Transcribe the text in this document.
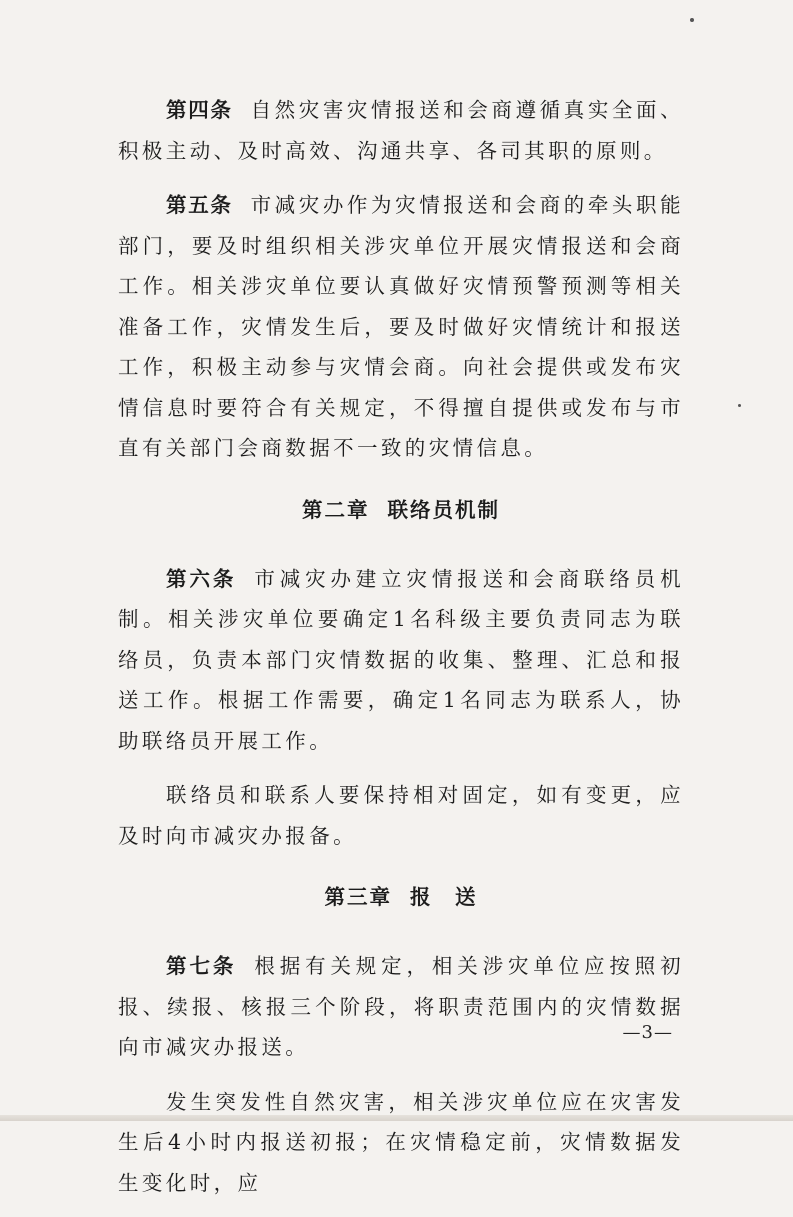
第四条 自然灾害灾情报送和会商遵循真实全面、积极主动、及时高效、沟通共享、各司其职的原则。

第五条 市减灾办作为灾情报送和会商的牵头职能部门，要及时组织相关涉灾单位开展灾情报送和会商工作。相关涉灾单位要认真做好灾情预警预测等相关准备工作，灾情发生后，要及时做好灾情统计和报送工作，积极主动参与灾情会商。向社会提供或发布灾情信息时要符合有关规定，不得擅自提供或发布与市直有关部门会商数据不一致的灾情信息。

第二章 联络员机制

第六条 市减灾办建立灾情报送和会商联络员机制。相关涉灾单位要确定1名科级主要负责同志为联络员，负责本部门灾情数据的收集、整理、汇总和报送工作。根据工作需要，确定1名同志为联系人，协助联络员开展工作。

联络员和联系人要保持相对固定，如有变更，应及时向市减灾办报备。

第三章 报　送

第七条 根据有关规定，相关涉灾单位应按照初报、续报、核报三个阶段，将职责范围内的灾情数据向市减灾办报送。

发生突发性自然灾害，相关涉灾单位应在灾害发生后4小时内报送初报；在灾情稳定前，灾情数据发生变化时，应

—3—
